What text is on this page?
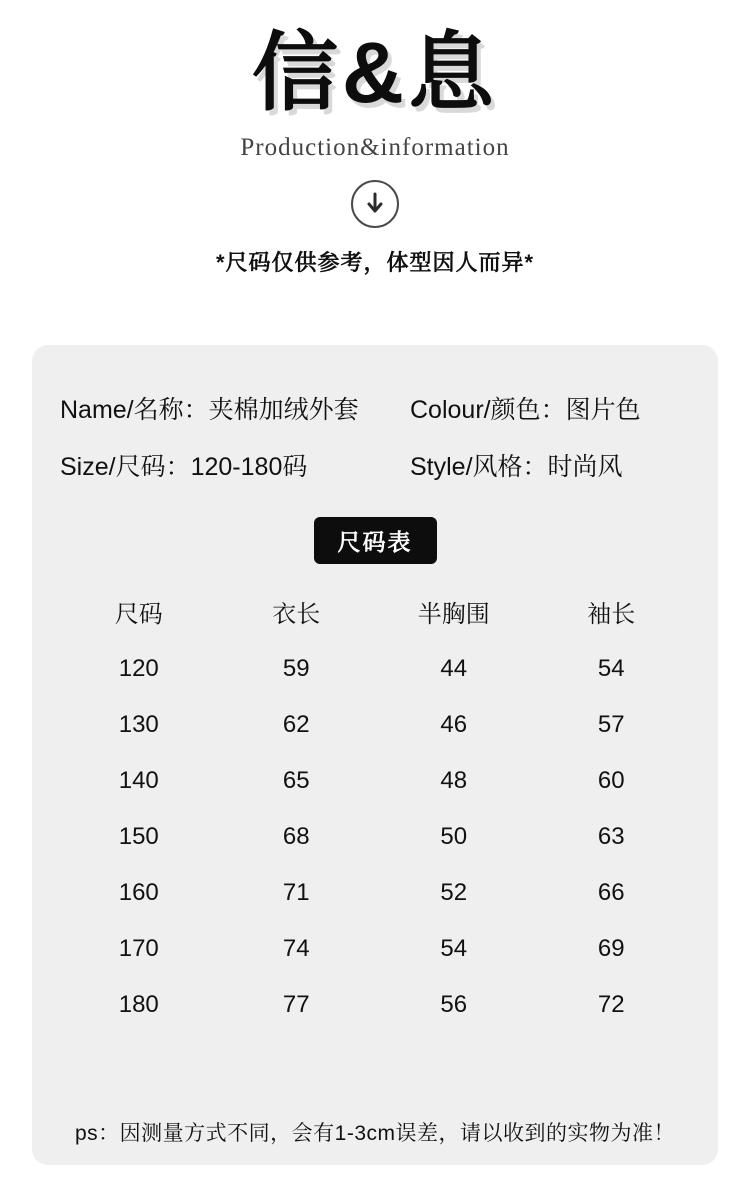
信&息
Production&information
*尺码仅供参考，体型因人而异*
Name/名称：夹棉加绒外套	Colour/颜色：图片色
Size/尺码：120-180码	Style/风格：时尚风
尺码表
尺码	衣长	半胸围	袖长
120	59	44	54
130	62	46	57
140	65	48	60
150	68	50	63
160	71	52	66
170	74	54	69
180	77	56	72
ps：因测量方式不同，会有1-3cm误差，请以收到的实物为准！
